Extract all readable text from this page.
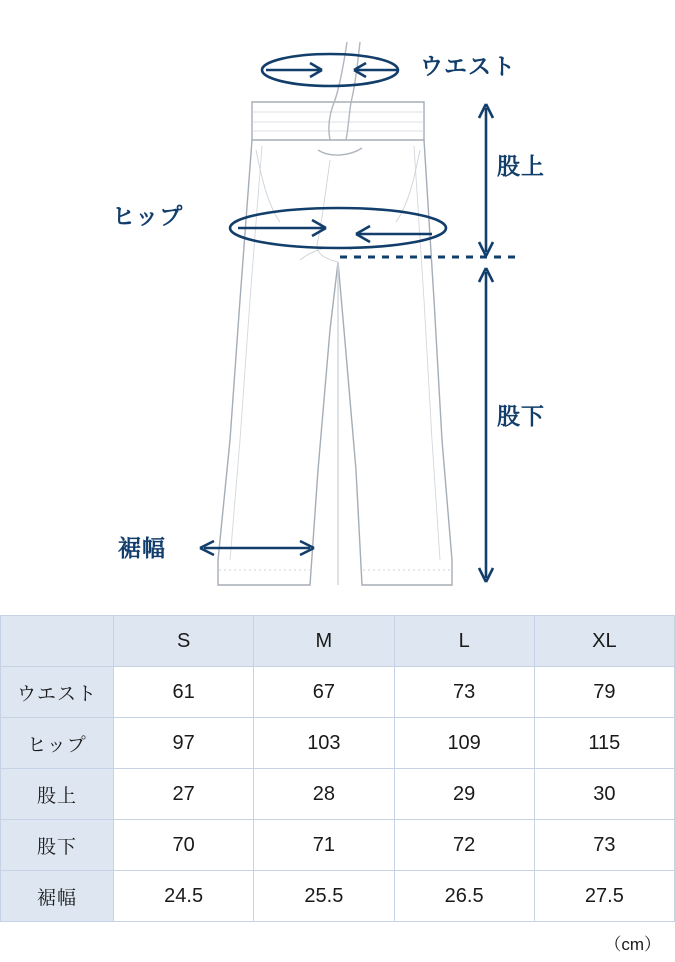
ウエスト
ヒップ
股上
股下
裾幅
	S	M	L	XL
ウエスト	61	67	73	79
ヒップ	97	103	109	115
股上	27	28	29	30
股下	70	71	72	73
裾幅	24.5	25.5	26.5	27.5
（cm）
